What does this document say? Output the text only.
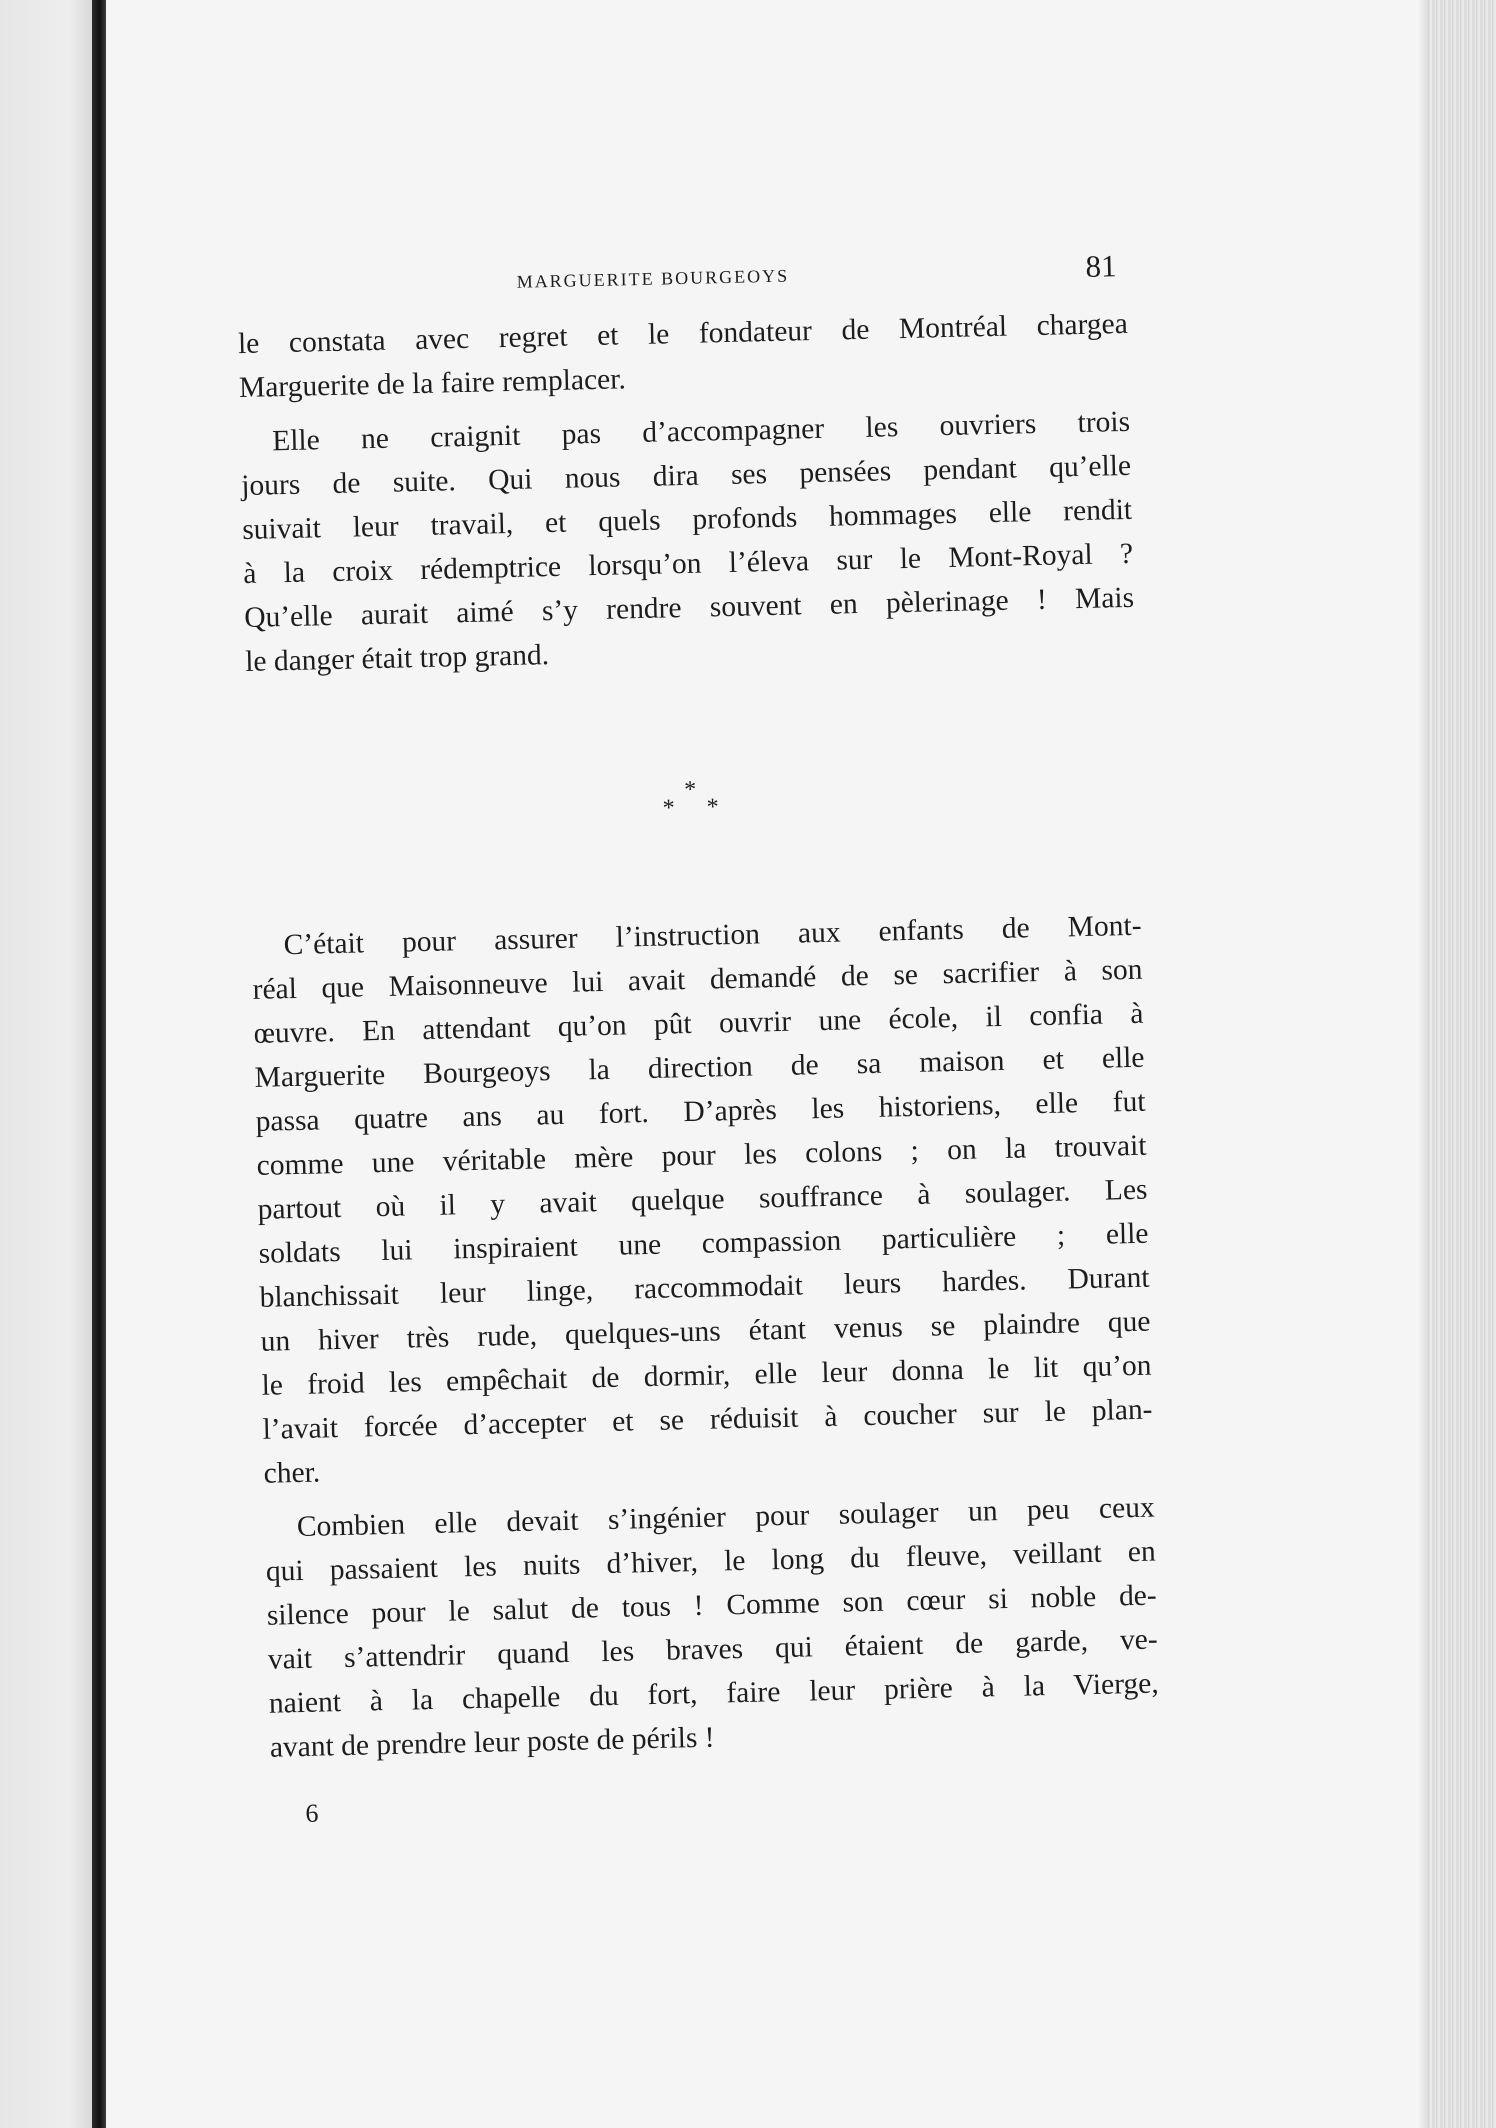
MARGUERITE BOURGEOYS	81
le constata avec regret et le fondateur de Montréal chargea
Marguerite de la faire remplacer.
Elle ne craignit pas d’accompagner les ouvriers trois
jours de suite. Qui nous dira ses pensées pendant qu’elle
suivait leur travail, et quels profonds hommages elle rendit
à la croix rédemptrice lorsqu’on l’éleva sur le Mont-Royal ?
Qu’elle aurait aimé s’y rendre souvent en pèlerinage ! Mais
le danger était trop grand.
*
* *
C’était pour assurer l’instruction aux enfants de Mont-
réal que Maisonneuve lui avait demandé de se sacrifier à son
œuvre. En attendant qu’on pût ouvrir une école, il confia à
Marguerite Bourgeoys la direction de sa maison et elle
passa quatre ans au fort. D’après les historiens, elle fut
comme une véritable mère pour les colons ; on la trouvait
partout où il y avait quelque souffrance à soulager. Les
soldats lui inspiraient une compassion particulière ; elle
blanchissait leur linge, raccommodait leurs hardes. Durant
un hiver très rude, quelques-uns étant venus se plaindre que
le froid les empêchait de dormir, elle leur donna le lit qu’on
l’avait forcée d’accepter et se réduisit à coucher sur le plan-
cher.
Combien elle devait s’ingénier pour soulager un peu ceux
qui passaient les nuits d’hiver, le long du fleuve, veillant en
silence pour le salut de tous ! Comme son cœur si noble de-
vait s’attendrir quand les braves qui étaient de garde, ve-
naient à la chapelle du fort, faire leur prière à la Vierge,
avant de prendre leur poste de périls !
6
